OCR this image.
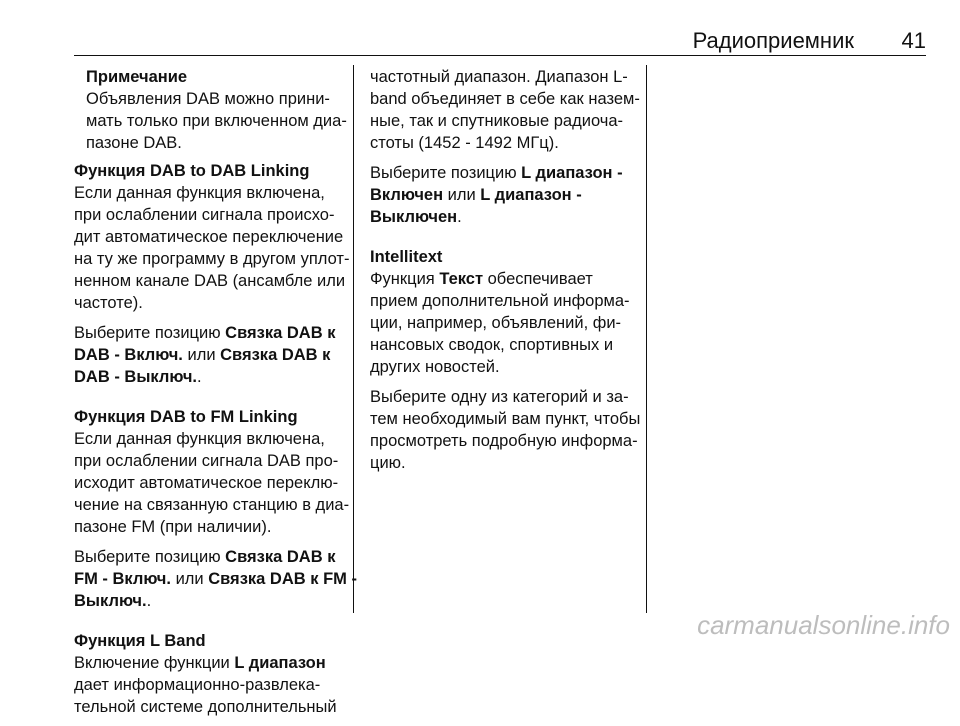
Радиоприемник 41
Примечание
Объявления DAB можно прини-
мать только при включенном диа-
пазоне DAB.

Функция DAB to DAB Linking
Если данная функция включена,
при ослаблении сигнала происхо-
дит автоматическое переключение
на ту же программу в другом уплот-
ненном канале DAB (ансамбле или
частоте).

Выберите позицию Связка DAB к
DAB - Включ. или Связка DAB к
DAB - Выключ..

Функция DAB to FM Linking
Если данная функция включена,
при ослаблении сигнала DAB про-
исходит автоматическое переклю-
чение на связанную станцию в диа-
пазоне FM (при наличии).

Выберите позицию Связка DAB к
FM - Включ. или Связка DAB к FM -
Выключ..

Функция L Band
Включение функции L диапазон
дает информационно-развлека-
тельной системе дополнительный

частотный диапазон. Диапазон L-
band объединяет в себе как назем-
ные, так и спутниковые радиоча-
стоты (1452 - 1492 МГц).

Выберите позицию L диапазон -
Включен или L диапазон -
Выключен.

Intellitext
Функция Текст обеспечивает
прием дополнительной информа-
ции, например, объявлений, фи-
нансовых сводок, спортивных и
других новостей.

Выберите одну из категорий и за-
тем необходимый вам пункт, чтобы
просмотреть подробную информа-
цию.

carmanualsonline.info
